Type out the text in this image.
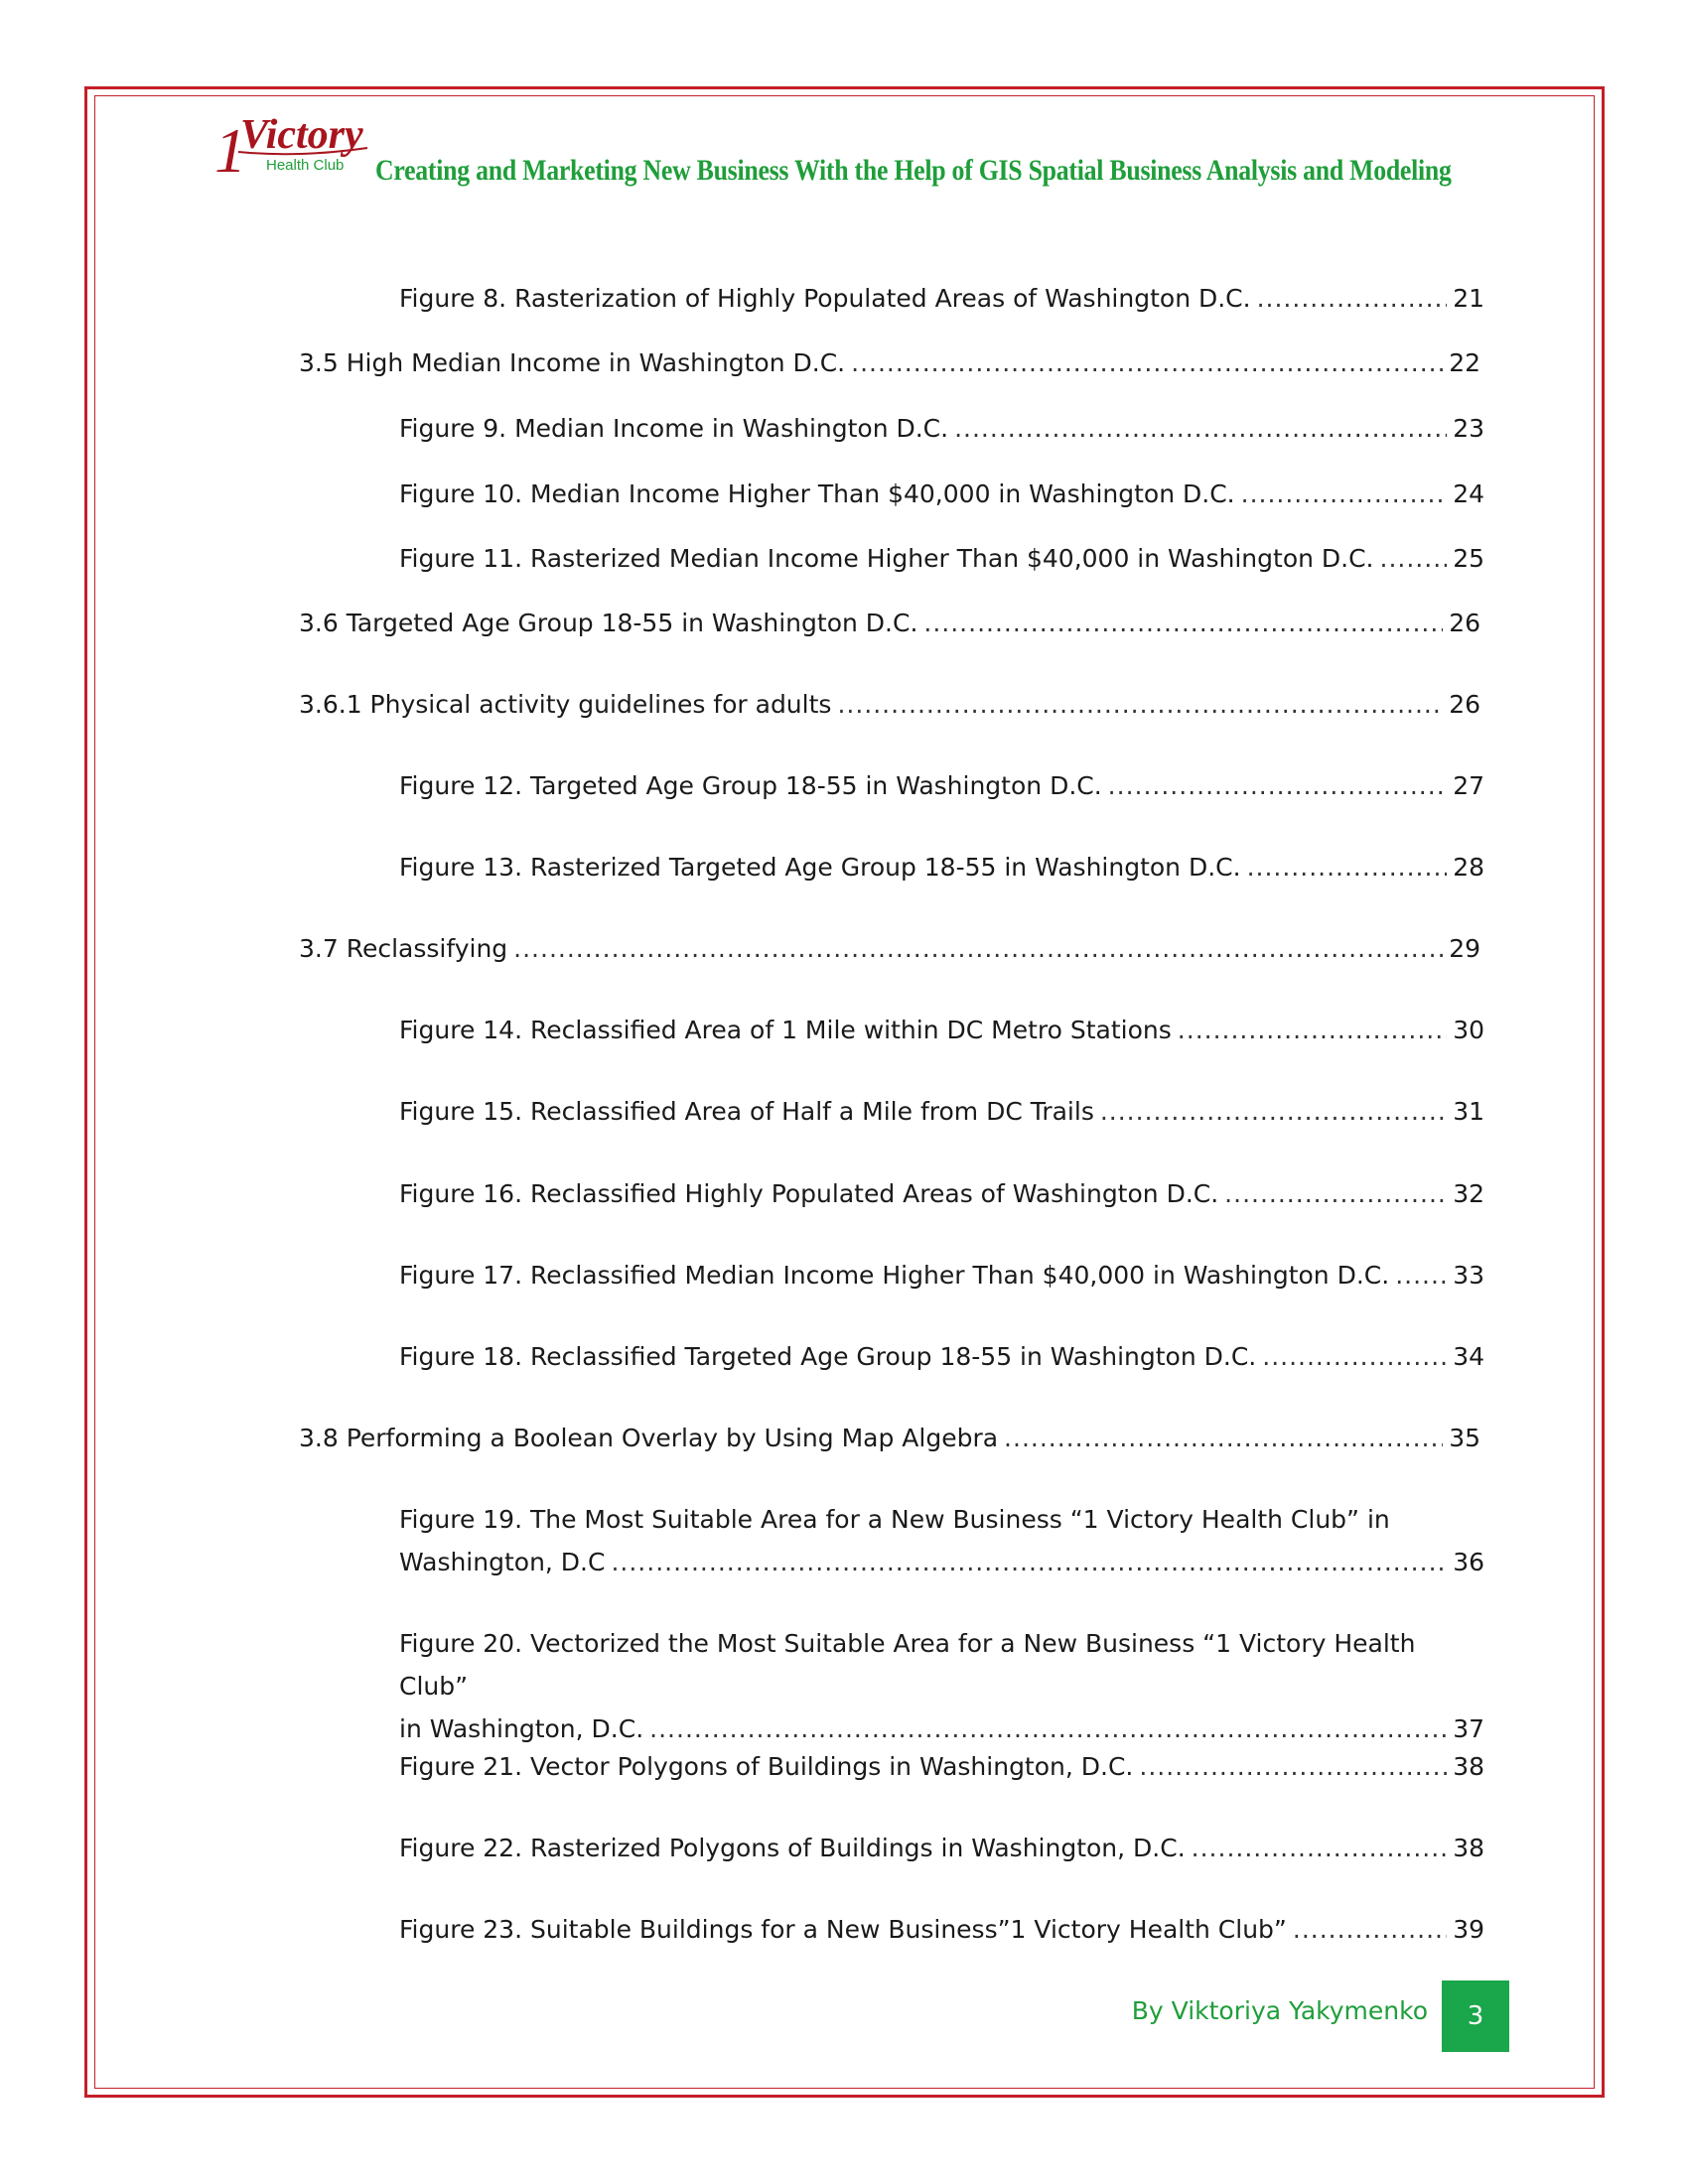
1
Victory
Health Club Creating and Marketing New Business With the Help of GIS Spatial Business Analysis and Modeling
Figure 8. Rasterization of Highly Populated Areas of Washington D.C. .....	21
3.5 High Median Income in Washington D.C. .....	22
Figure 9. Median Income in Washington D.C. .....	23
Figure 10. Median Income Higher Than $40,000 in Washington D.C. .....	24
Figure 11. Rasterized Median Income Higher Than $40,000 in Washington D.C. .....	25
3.6 Targeted Age Group 18-55 in Washington D.C. .....	26
3.6.1 Physical activity guidelines for adults .....	26
Figure 12. Targeted Age Group 18-55 in Washington D.C. .....	27
Figure 13. Rasterized Targeted Age Group 18-55 in Washington D.C. .....	28
3.7 Reclassifying .....	29
Figure 14. Reclassified Area of 1 Mile within DC Metro Stations .....	30
Figure 15. Reclassified Area of Half a Mile from DC Trails .....	31
Figure 16. Reclassified Highly Populated Areas of Washington D.C. .....	32
Figure 17. Reclassified Median Income Higher Than $40,000 in Washington D.C. .....	33
Figure 18. Reclassified Targeted Age Group 18-55 in Washington D.C. .....	34
3.8 Performing a Boolean Overlay by Using Map Algebra .....	35
Figure 19. The Most Suitable Area for a New Business “1 Victory Health Club” in
Washington, D.C .....	36
Figure 20. Vectorized the Most Suitable Area for a New Business “1 Victory Health Club”
in Washington, D.C. .....	37
Figure 21. Vector Polygons of Buildings in Washington, D.C. .....	38
Figure 22. Rasterized Polygons of Buildings in Washington, D.C. .....	38
Figure 23. Suitable Buildings for a New Business”1 Victory Health Club” .....	39
By Viktoriya Yakymenko	3
